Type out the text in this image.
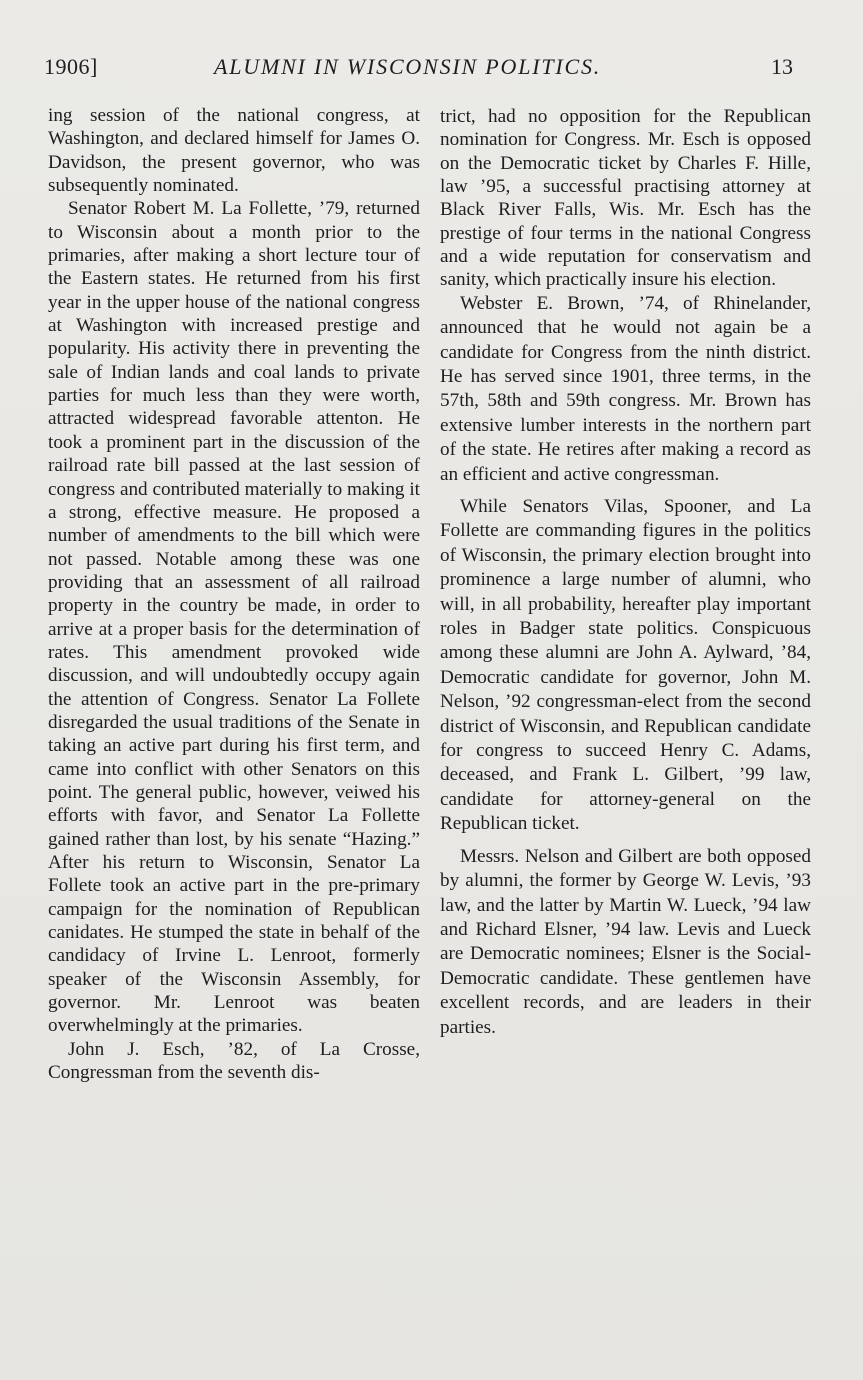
1906]	ALUMNI IN WISCONSIN POLITICS.	13

ing session of the national congress, at Washington, and declared himself for James O. Davidson, the present governor, who was subsequently nominated.

Senator Robert M. La Follette, ’79, returned to Wisconsin about a month prior to the primaries, after making a short lecture tour of the Eastern states. He returned from his first year in the upper house of the national congress at Washington with increased prestige and popularity. His activity there in preventing the sale of Indian lands and coal lands to private parties for much less than they were worth, attracted widespread favorable attenton. He took a prominent part in the discussion of the railroad rate bill passed at the last session of congress and contributed materially to making it a strong, effective measure. He proposed a number of amendments to the bill which were not passed. Notable among these was one providing that an assessment of all railroad property in the country be made, in order to arrive at a proper basis for the determination of rates. This amendment provoked wide discussion, and will undoubtedly occupy again the attention of Congress. Senator La Follete disregarded the usual traditions of the Senate in taking an active part during his first term, and came into conflict with other Senators on this point. The general public, however, veiwed his efforts with favor, and Senator La Follette gained rather than lost, by his senate “Hazing.” After his return to Wisconsin, Senator La Follete took an active part in the pre-primary campaign for the nomination of Republican canidates. He stumped the state in behalf of the candidacy of Irvine L. Lenroot, formerly speaker of the Wisconsin Assembly, for governor. Mr. Lenroot was beaten overwhelmingly at the primaries.

John J. Esch, ’82, of La Crosse, Congressman from the seventh dis-

trict, had no opposition for the Republican nomination for Congress. Mr. Esch is opposed on the Democratic ticket by Charles F. Hille, law ’95, a successful practising attorney at Black River Falls, Wis. Mr. Esch has the prestige of four terms in the national Congress and a wide reputation for conservatism and sanity, which practically insure his election.

Webster E. Brown, ’74, of Rhinelander, announced that he would not again be a candidate for Congress from the ninth district. He has served since 1901, three terms, in the 57th, 58th and 59th congress. Mr. Brown has extensive lumber interests in the northern part of the state. He retires after making a record as an efficient and active congressman.

While Senators Vilas, Spooner, and La Follette are commanding figures in the politics of Wisconsin, the primary election brought into prominence a large number of alumni, who will, in all probability, hereafter play important roles in Badger state politics. Conspicuous among these alumni are John A. Aylward, ’84, Democratic candidate for governor, John M. Nelson, ’92 congressman-elect from the second district of Wisconsin, and Republican candidate for congress to succeed Henry C. Adams, deceased, and Frank L. Gilbert, ’99 law, candidate for attorney-general on the Republican ticket.

Messrs. Nelson and Gilbert are both opposed by alumni, the former by George W. Levis, ’93 law, and the latter by Martin W. Lueck, ’94 law and Richard Elsner, ’94 law. Levis and Lueck are Democratic nominees; Elsner is the Social-Democratic candidate. These gentlemen have excellent records, and are leaders in their parties.
